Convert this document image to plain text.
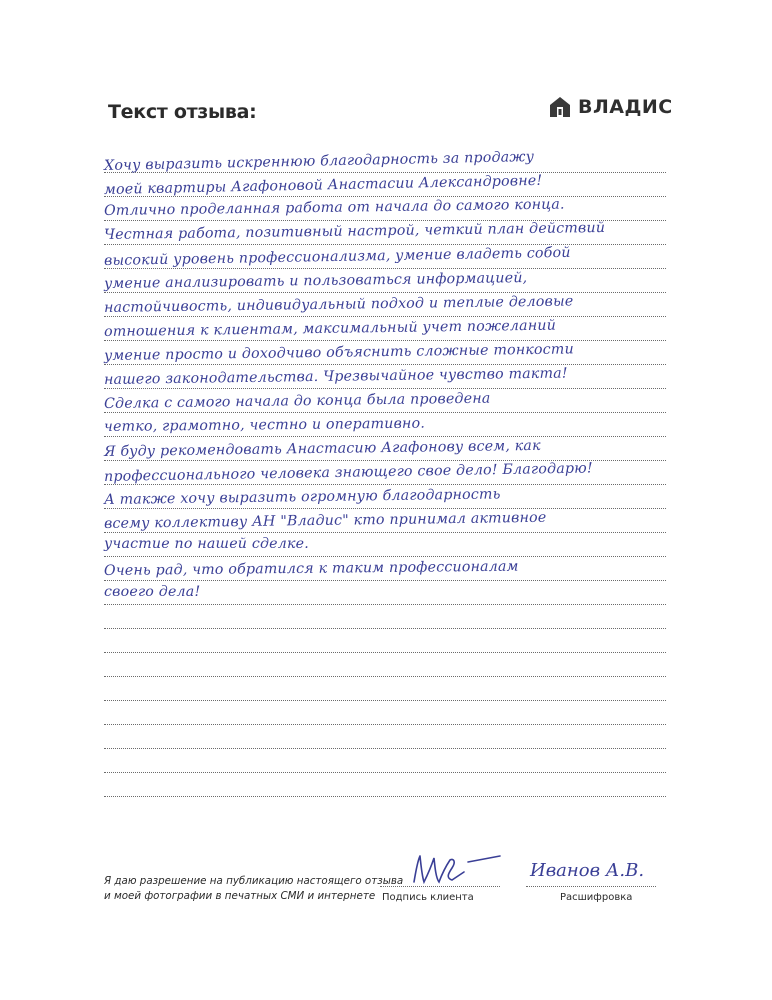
Текст отзыва:	ВЛАДИС
Хочу выразить искреннюю благодарность за продажу
моей квартиры Агафоновой Анастасии Александровне!
Отлично проделанная работа от начала до самого конца.
Честная работа, позитивный настрой, четкий план действий
высокий уровень профессионализма, умение владеть собой
умение анализировать и пользоваться информацией,
настойчивость, индивидуальный подход и теплые деловые
отношения к клиентам, максимальный учет пожеланий
умение просто и доходчиво объяснить сложные тонкости
нашего законодательства. Чрезвычайное чувство такта!
Сделка с самого начала до конца была проведена
четко, грамотно, честно и оперативно.
Я буду рекомендовать Анастасию Агафонову всем, как
профессионального человека знающего свое дело! Благодарю!
А также хочу выразить огромную благодарность
всему коллективу АН "Владис" кто принимал активное
участие по нашей сделке.
Очень рад, что обратился к таким профессионалам
своего дела!
Я даю разрешение на публикацию настоящего отзыва
и моей фотографии в печатных СМИ и интернете Подпись клиента
Иванов А.В.
Расшифровка
